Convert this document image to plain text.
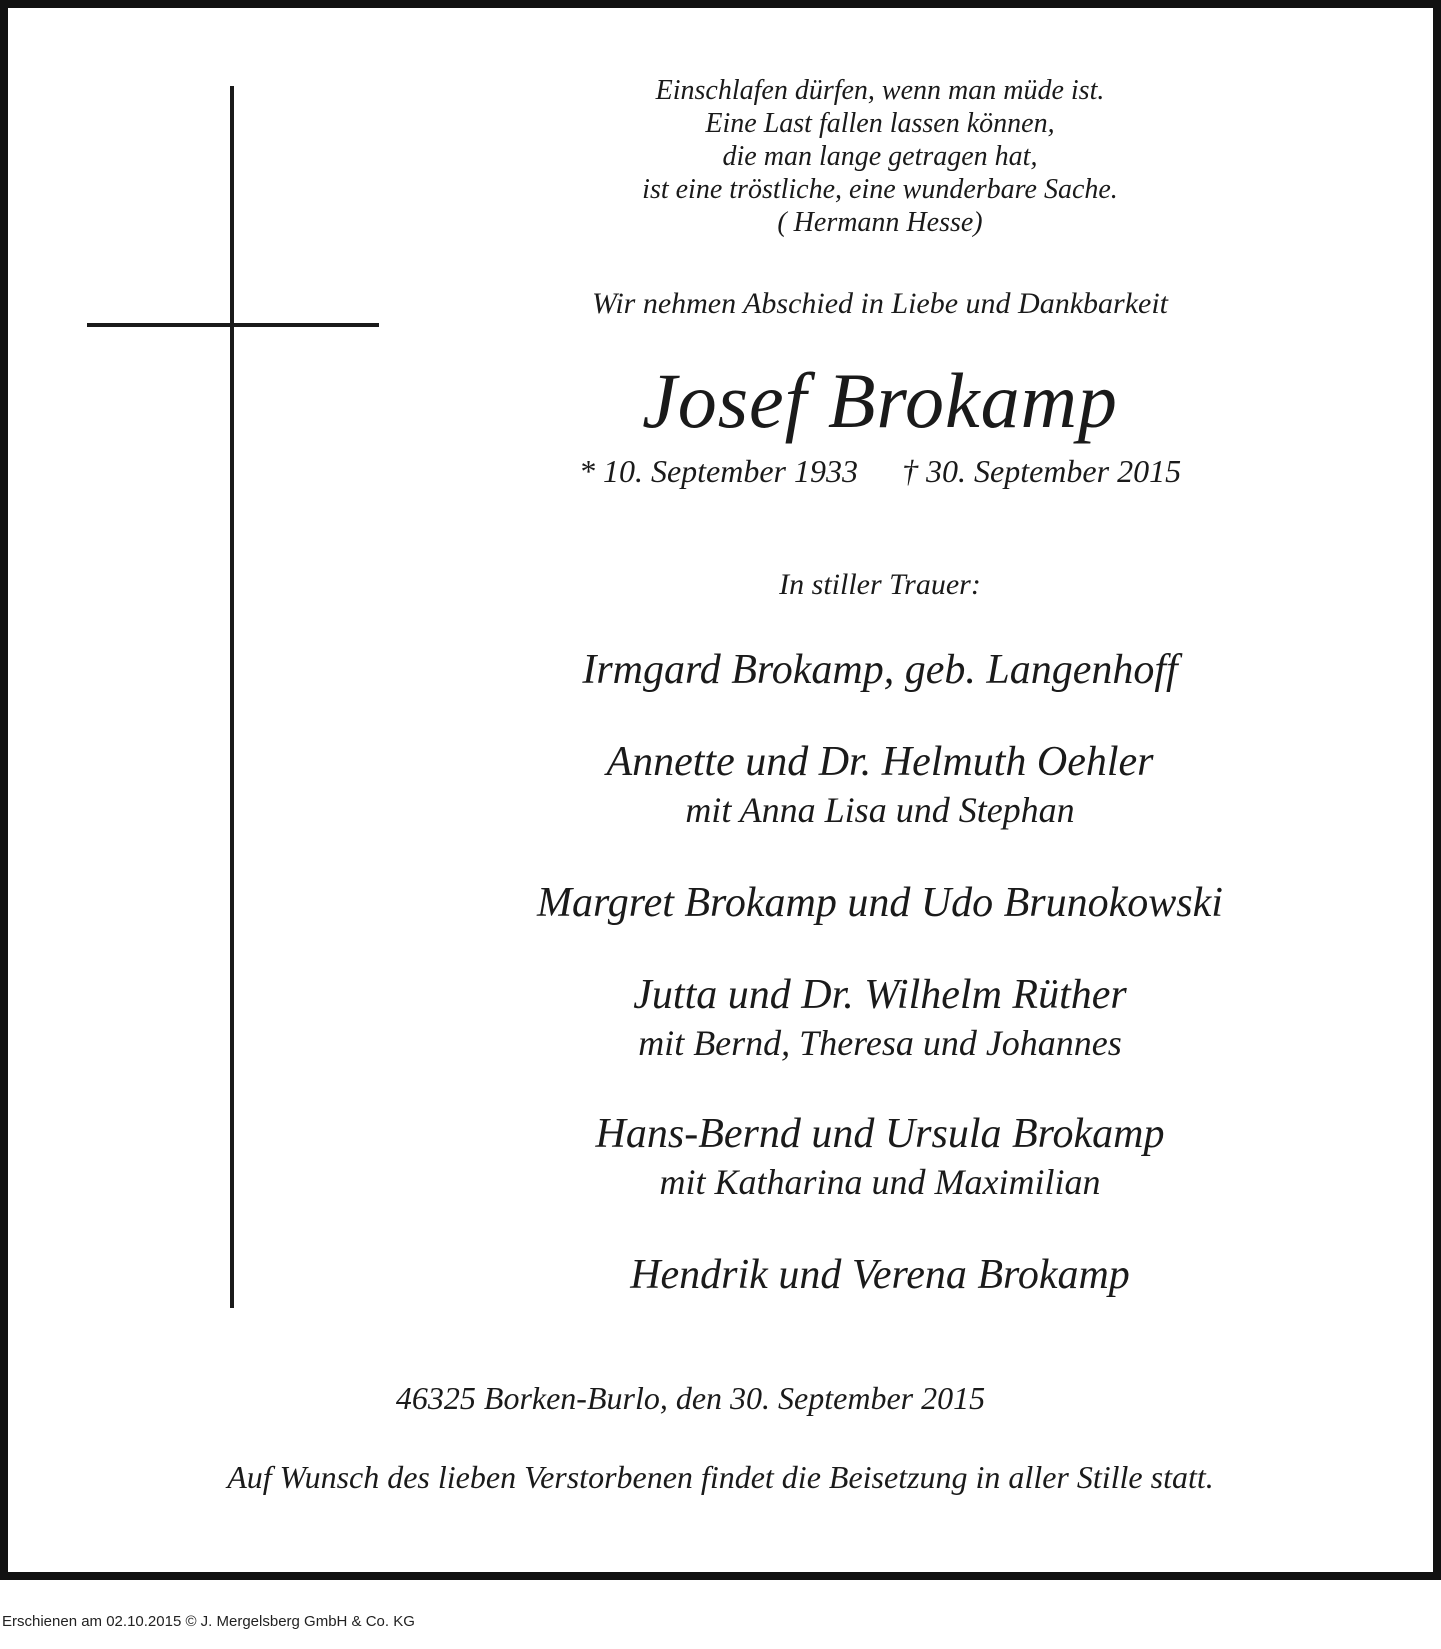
Einschlafen dürfen, wenn man müde ist.
Eine Last fallen lassen können,
die man lange getragen hat,
ist eine tröstliche, eine wunderbare Sache.
( Hermann Hesse)
Wir nehmen Abschied in Liebe und Dankbarkeit
Josef Brokamp
* 10. September 1933 † 30. September 2015
In stiller Trauer:
Irmgard Brokamp, geb. Langenhoff
Annette und Dr. Helmuth Oehler
mit Anna Lisa und Stephan
Margret Brokamp und Udo Brunokowski
Jutta und Dr. Wilhelm Rüther
mit Bernd, Theresa und Johannes
Hans-Bernd und Ursula Brokamp
mit Katharina und Maximilian
Hendrik und Verena Brokamp
46325 Borken-Burlo, den 30. September 2015
Auf Wunsch des lieben Verstorbenen findet die Beisetzung in aller Stille statt.
Erschienen am 02.10.2015 © J. Mergelsberg GmbH & Co. KG
